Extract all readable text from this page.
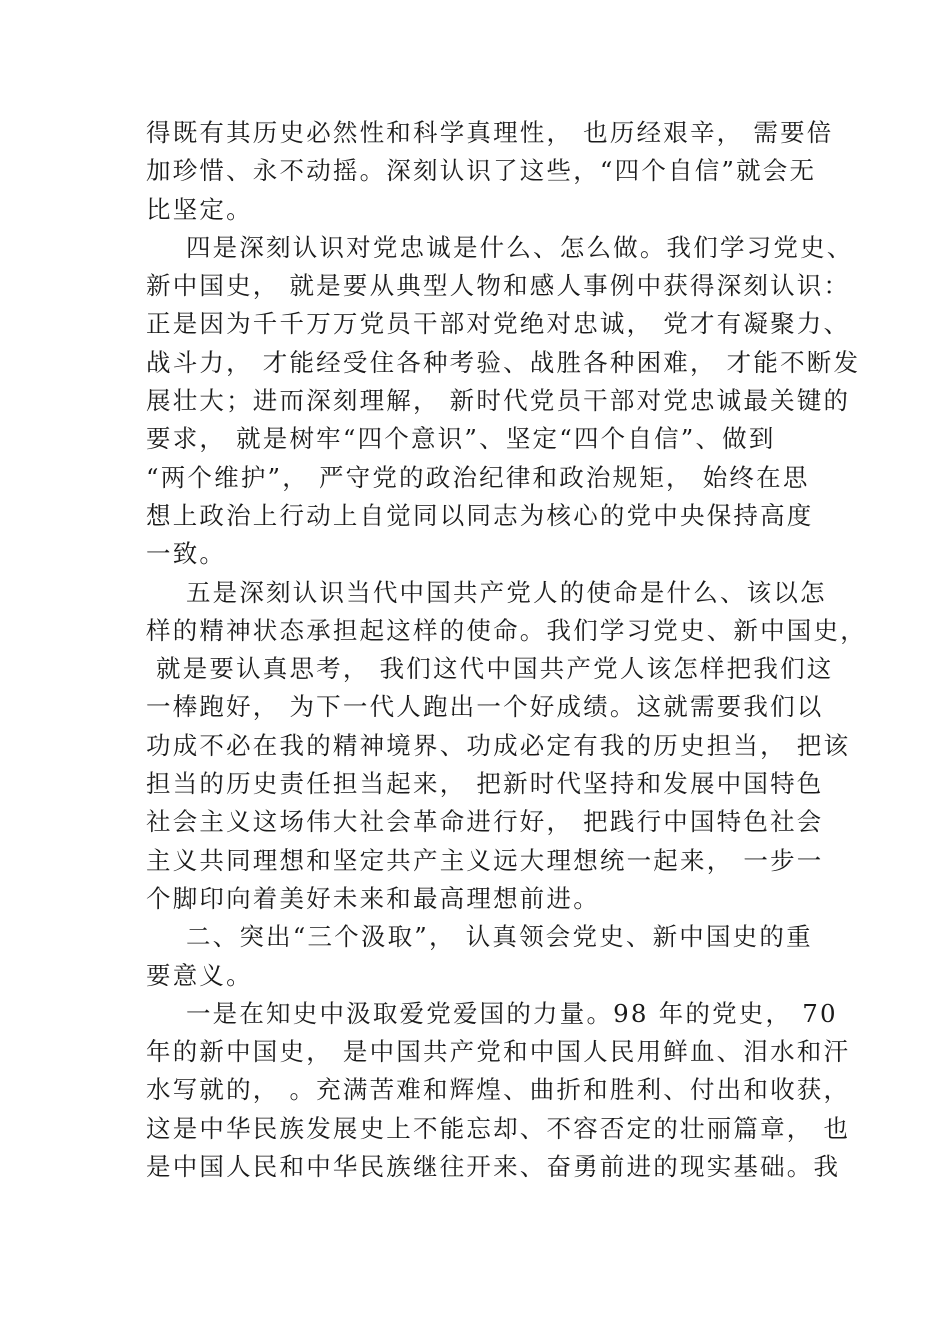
得既有其历史必然性和科学真理性， 也历经艰辛， 需要倍
加珍惜、永不动摇。深刻认识了这些，“四个自信”就会无
比坚定。
四是深刻认识对党忠诚是什么、怎么做。我们学习党史、
新中国史， 就是要从典型人物和感人事例中获得深刻认识：
正是因为千千万万党员干部对党绝对忠诚， 党才有凝聚力、
战斗力， 才能经受住各种考验、战胜各种困难， 才能不断发
展壮大；进而深刻理解， 新时代党员干部对党忠诚最关键的
要求， 就是树牢“四个意识”、坚定“四个自信”、做到
“两个维护”， 严守党的政治纪律和政治规矩， 始终在思
想上政治上行动上自觉同以同志为核心的党中央保持高度
一致。
五是深刻认识当代中国共产党人的使命是什么、该以怎
样的精神状态承担起这样的使命。我们学习党史、新中国史，
就是要认真思考， 我们这代中国共产党人该怎样把我们这
一棒跑好， 为下一代人跑出一个好成绩。这就需要我们以
功成不必在我的精神境界、功成必定有我的历史担当， 把该
担当的历史责任担当起来， 把新时代坚持和发展中国特色
社会主义这场伟大社会革命进行好， 把践行中国特色社会
主义共同理想和坚定共产主义远大理想统一起来， 一步一
个脚印向着美好未来和最高理想前进。
二、突出“三个汲取”， 认真领会党史、新中国史的重
要意义。
一是在知史中汲取爱党爱国的力量。98 年的党史， 70
年的新中国史， 是中国共产党和中国人民用鲜血、泪水和汗
水写就的， 。充满苦难和辉煌、曲折和胜利、付出和收获，
这是中华民族发展史上不能忘却、不容否定的壮丽篇章， 也
是中国人民和中华民族继往开来、奋勇前进的现实基础。我
